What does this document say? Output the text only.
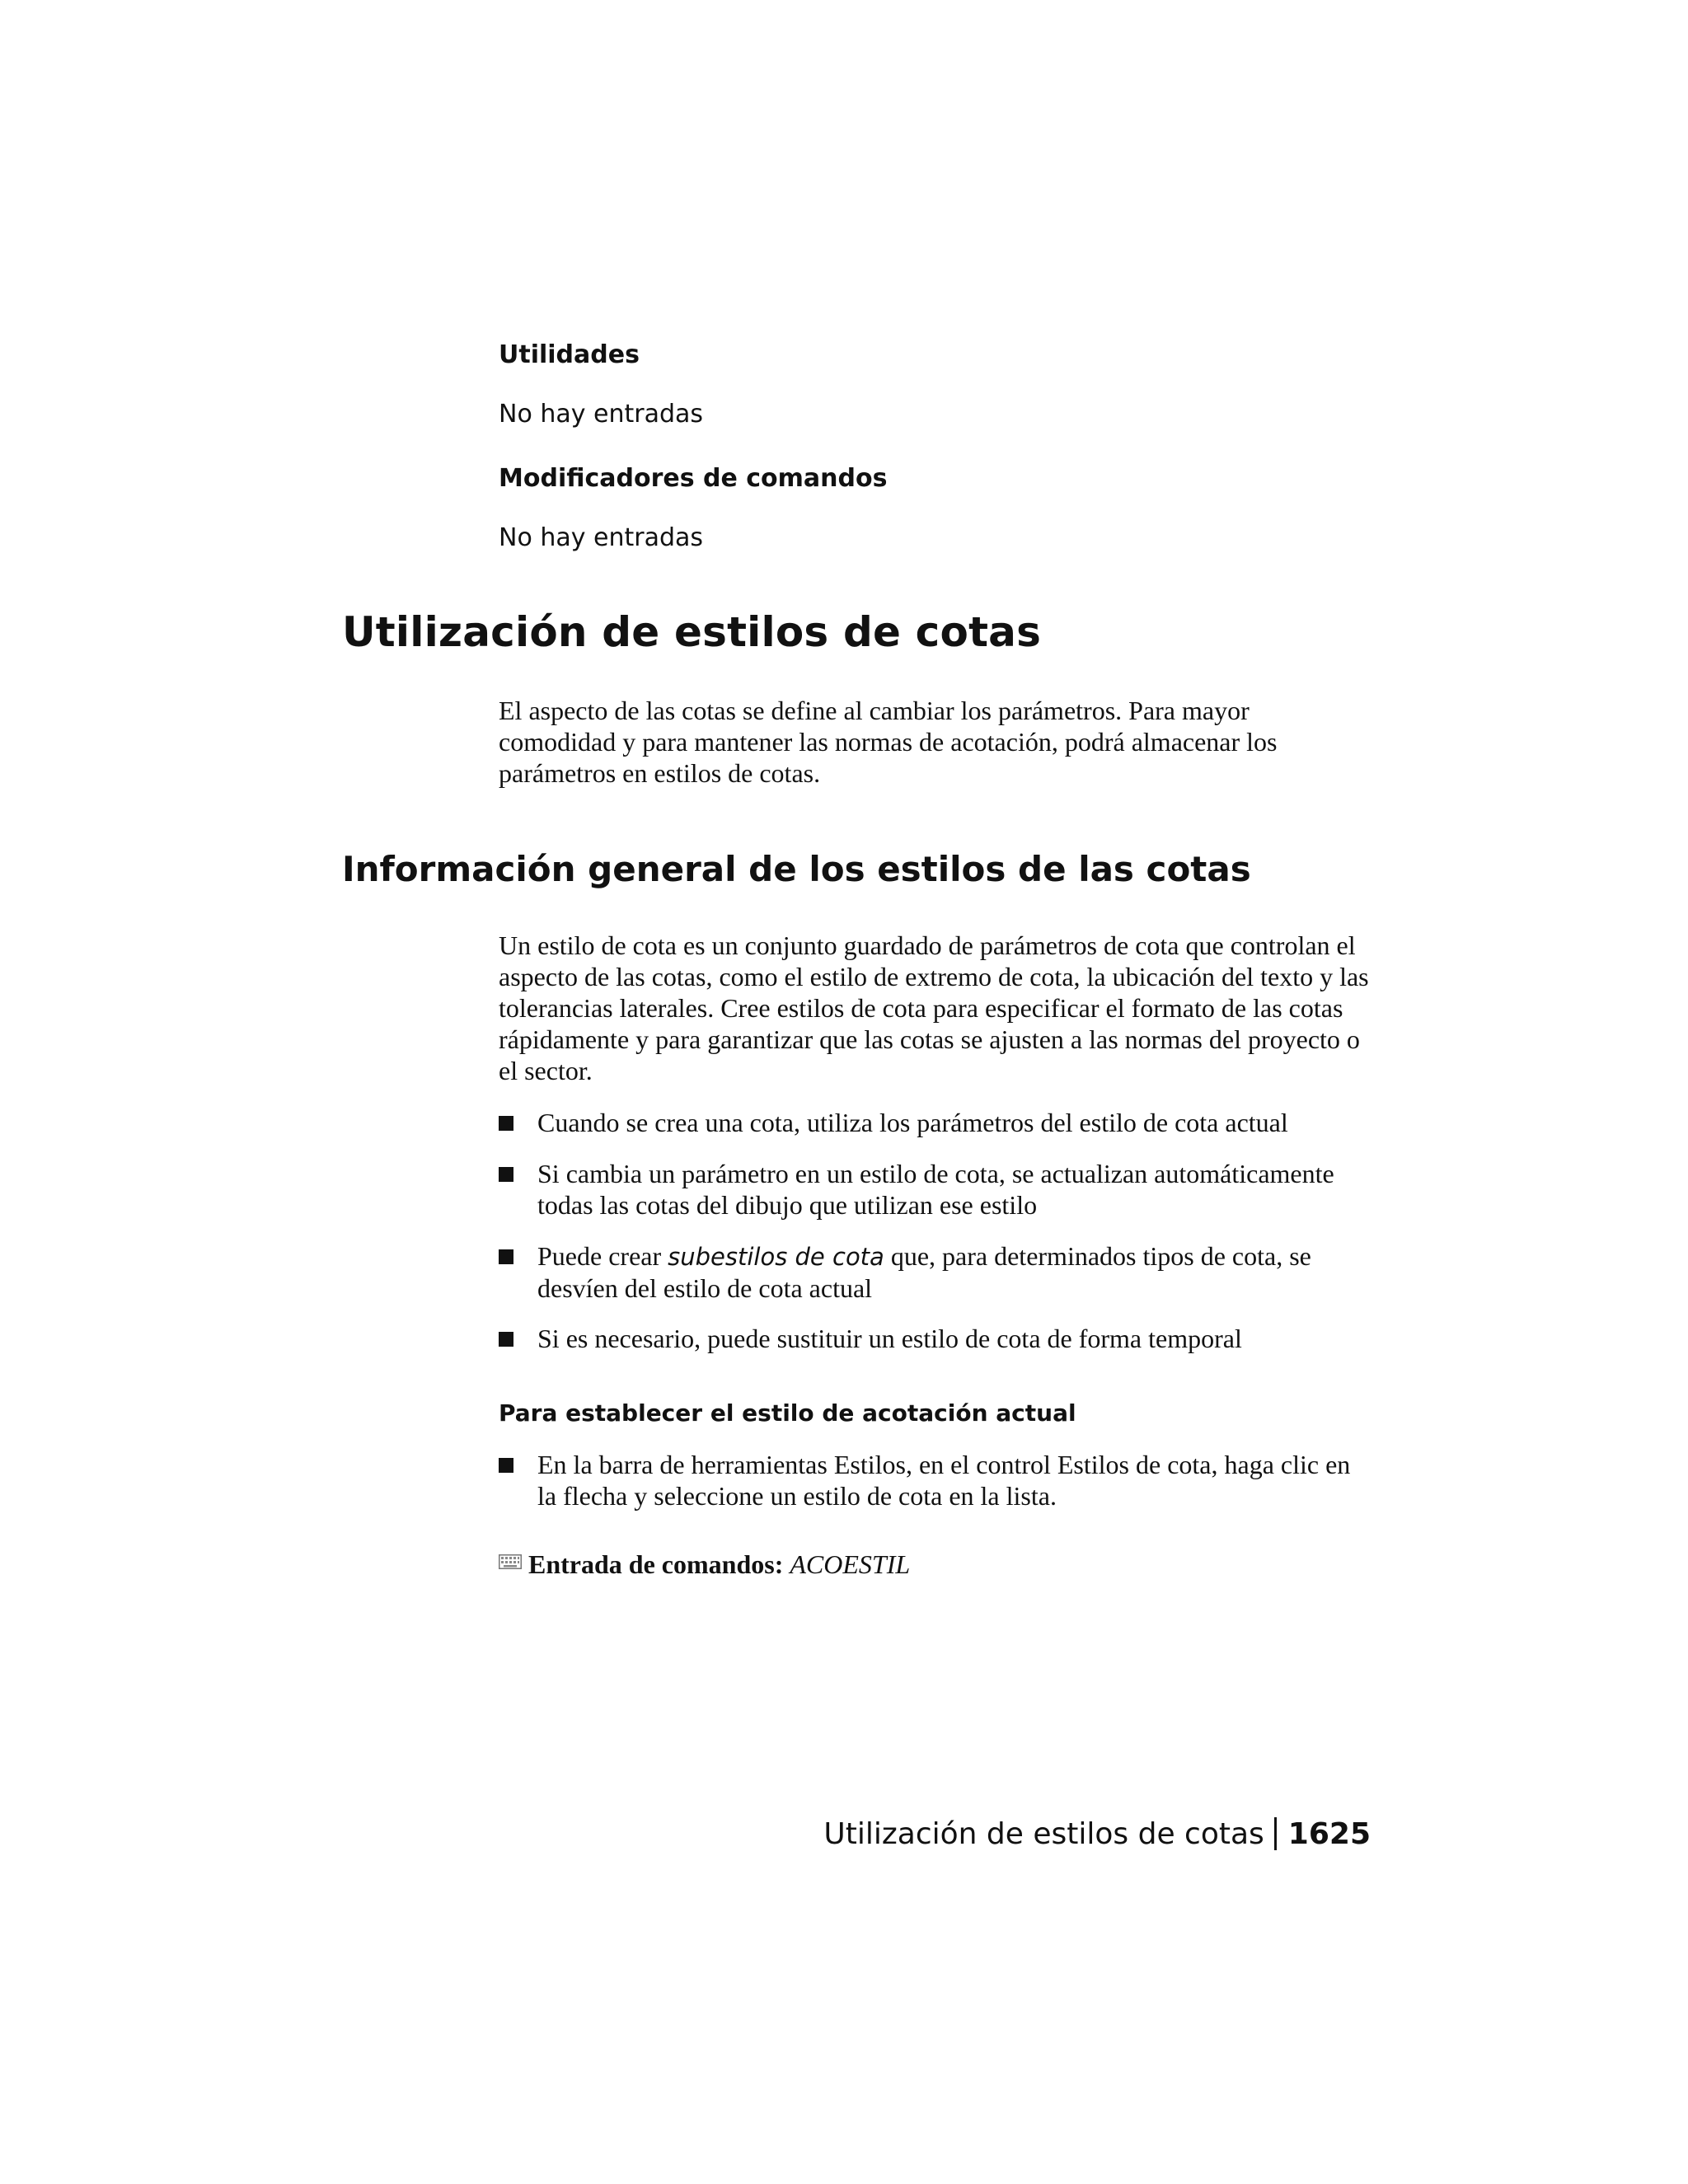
Utilidades

No hay entradas

Modificadores de comandos

No hay entradas

Utilización de estilos de cotas

El aspecto de las cotas se define al cambiar los parámetros. Para mayor comodidad y para mantener las normas de acotación, podrá almacenar los parámetros en estilos de cotas.

Información general de los estilos de las cotas

Un estilo de cota es un conjunto guardado de parámetros de cota que controlan el aspecto de las cotas, como el estilo de extremo de cota, la ubicación del texto y las tolerancias laterales. Cree estilos de cota para especificar el formato de las cotas rápidamente y para garantizar que las cotas se ajusten a las normas del proyecto o el sector.

Cuando se crea una cota, utiliza los parámetros del estilo de cota actual
Si cambia un parámetro en un estilo de cota, se actualizan automáticamente todas las cotas del dibujo que utilizan ese estilo
Puede crear subestilos de cota que, para determinados tipos de cota, se desvíen del estilo de cota actual
Si es necesario, puede sustituir un estilo de cota de forma temporal
Para establecer el estilo de acotación actual
En la barra de herramientas Estilos, en el control Estilos de cota, haga clic en la flecha y seleccione un estilo de cota en la lista.

Entrada de comandos:
ACOESTIL

Utilización de estilos de cotas 1625
